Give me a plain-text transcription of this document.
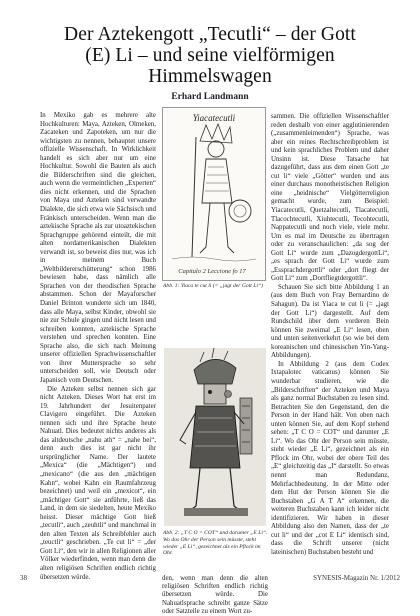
Der Aztekengott „Tecutli“ – der Gott
(E) Li – und seine vielförmigen
Himmelswagen
Erhard Landmann

In Mexiko gab es mehrere alte Hochkulturen: Maya, Azteken, Olmeken, Zacateken und Zapoteken, um nur die wichtigsten zu nennen, behauptet unsere offizielle Wissenschaft. In Wirklichkeit handelt es sich aber nur um eine Hochkultur. Sowohl die Bauten als auch die Bilderschriften sind die gleichen, auch wenn die vermeintlichen „Experten“ dies nicht erkennen, und die Sprachen von Maya und Azteken sind verwandte Dialekte, die sich etwa wie Sächsisch und Fränkisch unterscheiden. Wenn man die aztekische Sprache als zur utoaztekischen Sprachgruppe gehörend einteilt, die mit alten nordamerikanischen Dialekten verwandt ist, so beweist dies nur, was ich in meinem Buch „Weltbildererschütterung“ schon 1986 bewiesen habe, dass nämlich alle Sprachen von der theodischen Sprache abstammen. Schon der Mayaforscher Daniel Brinton wunderte sich um 1840, dass alle Maya, selbst Kinder, obwohl sie nie zur Schule gingen und nicht lesen und schreiben konnten, aztekische Sprache verstehen und sprechen konnten. Eine Sprache also, die sich nach Meinung unserer offiziellen Sprachwissenschaftler von ihrer Muttersprache so sehr unterscheiden soll, wie Deutsch oder Japanisch vom Deutschen.

Die Azteken selbst nennen sich gar nicht Azteken. Dieses Wort hat erst im 19. Jahrhundert der Jesuitenpater Clavigero eingeführt. Die Azteken nennen sich und ihre Sprache heute Nahuatl. Dies bedeutet nichts anderes als das altdeutsche „nahu ath“ = „nahe bei“, denn auch dies ist gar nicht ihr ursprünglicher Name. Der lautete „Mexica“ (die „Mächtigen“) und „mexicano“ (die aus den „mächtigen Kahn“, wobei Kahn ein Raumfahrzeug bezeichnet) und weil ein „mexicot“, ein „mächtiger Gott“ sie anführte, ließ das Land, in dem sie siedelten, heute Mexiko heisst. Dieser mächtige Gott hieß „tecutli“, auch „zeuhtli“ und manchmal in den alten Texten als Schreibfehler auch „teuctli“ geschrieben. „Te cut li“ = „der Gott Li“, den wir in allen Religionen aller Völker wiederfinden, wenn man denn die alten religiösen Schriften endlich richtig übersetzen würde.

Yiacatecutli
Capitulo 2 Leccione fo 17
Abb. 1: Yiaca te cut li (= „jagt der Gott Li“)
Abb. 2: „T C O = COT“ und darunter „E Li“. Wo das Ohr der Person sein müsste, steht wieder „E Li“, gezeichnet als ein Pflock im Ohr.

den, wenn man denn die alten religiösen Schriften endlich richtig übersetzen würde. Die Nahuatlsprache schreibt ganze Sätze oder Satzteile zu einem Wort zu-

sammen. Die offiziellen Wissenschaftler reden deshalb von einer agglutinierenden („zusammenleimenden“) Sprache, was aber ein reines Rechtschreibproblem ist und kein sprachliches Problem und daher Unsinn ist. Diese Tatsache hat dazugeführt, dass aus dem einen Gott „te cut li“ viele „Götter“ wurden und aus einer durchaus monotheistischen Religion eine „heidnische“ Vielgötterreligion gemacht wurde, zum Beispiel: Yiacatecutli, Quetzaltecutli, Tlacatecutli, Tlacochtecutli, Xiuhtecutli, Tecohtecutli, Nappatecutli und noch viele, viele mehr. Um es mal im Deutsche zu übertragen oder zu veranschaulichen: „da sog der Gott Li“ wurde zum „DazogdergottLi“, „es sprach der Gott Li“ wurde zum „Essprachdergottli“ oder „dort fliegt der Gott Li“ zum „Dortfliegtdergottli“.

Schauen Sie sich bitte Abbildung 1 an (aus dem Buch von Fray Bernardino de Sahagun). Da ist Yiaca te cut li (= „jagt der Gott Li“) dargestellt. Auf dem Rundschild über dem vorderen Bein können Sie zweimal „E Li“ lesen, oben und unten seitenverkehrt (so wie bei dem koreanischen und chinesischen Yin-Yang-Abbildungen).

In Abbildung 2 (aus dem Codex Ixtapalotec vaticanus) können Sie wunderbar studieren, wie die „Bilderschriften“ der Azteken und Maya als ganz normal Buchstaben zu lesen sind. Betrachten Sie den Gegenstand, den die Person in der Hand hält. Von oben nach unten können Sie, auf dem Kopf stehend sehen: „T C O = COT“ und darunter „E Li“. Wo das Ohr der Person sein müsste, steht wieder „E Li“, gezeichnet als ein Pflock im Ohr, wobei der obere Teil des „E“ gleichzeitig das „I“ darstellt. So etwas nennt man Redundanz, Mehrfachbedeutung. In der Mitte oder dem Hut der Person können Sie die Buchstaben „G A T A“ erkennen, die weiteren Buchstaben kann ich leider nicht identifizieren. Wir haben in dieser Abbildung also den Namen, dass der „te cut li“ und der „cot E Li“ identisch sind, dass die Schrift unserer (nicht lateinischen) Buchstaben besteht und

38	SYNESIS-Magazin Nr. 1/2012
